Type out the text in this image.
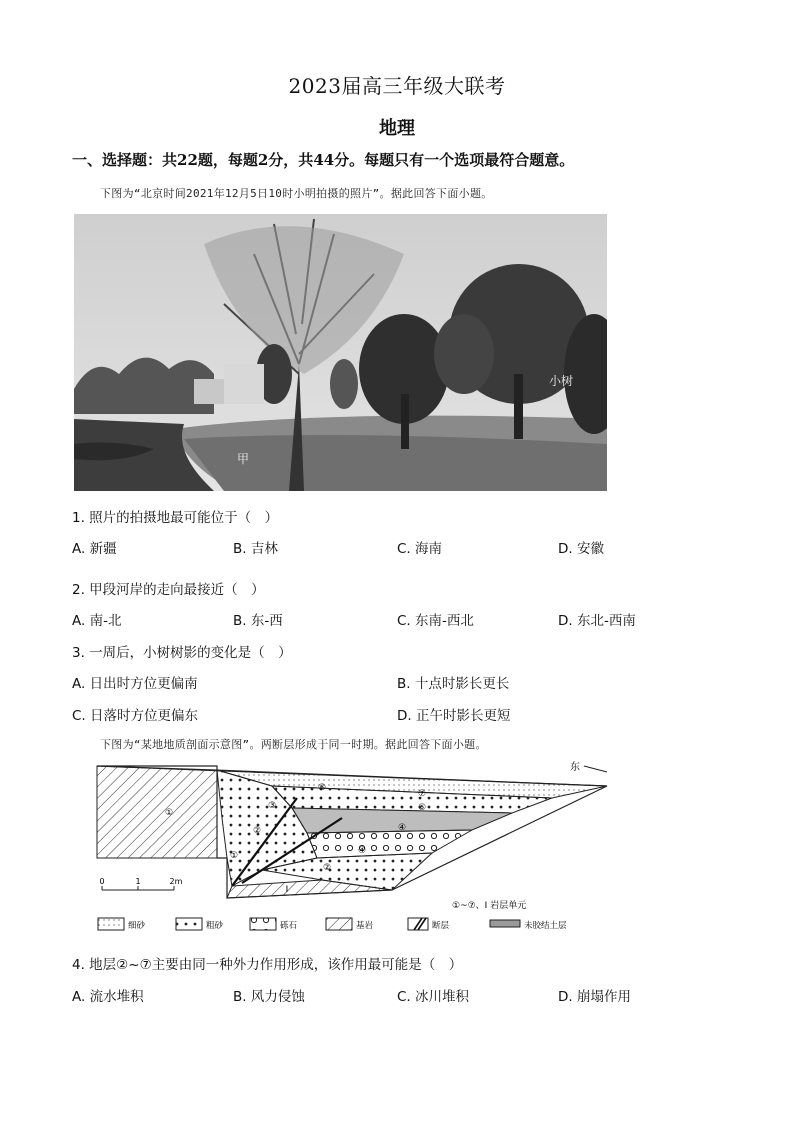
2023届高三年级大联考
地理
一、选择题：共22题，每题2分，共44分。每题只有一个选项最符合题意。
下图为“北京时间2021年12月5日10时小明拍摄的照片”。据此回答下面小题。
小树
甲
1. 照片的拍摄地最可能位于（　）
A. 新疆	B. 吉林	C. 海南	D. 安徽
2. 甲段河岸的走向最接近（　）
A. 南-北	B. 东-西	C. 东南-西北	D. 东北-西南
3. 一周后，小树树影的变化是（　）
A. 日出时方位更偏南	B. 十点时影长更长
C. 日落时方位更偏东	D. 正午时影长更短
下图为“某地地质剖面示意图”。两断层形成于同一时期。据此回答下面小题。
①
①
②
③
④
⑤
⑥
⑦
②
④
Ⅰ
东
0	1	2m
①~⑦、Ⅰ 岩层单元
细砂	粗砂	砾石	基岩	断层	未胶结土层
4. 地层②~⑦主要由同一种外力作用形成，该作用最可能是（　）
A. 流水堆积	B. 风力侵蚀	C. 冰川堆积	D. 崩塌作用
